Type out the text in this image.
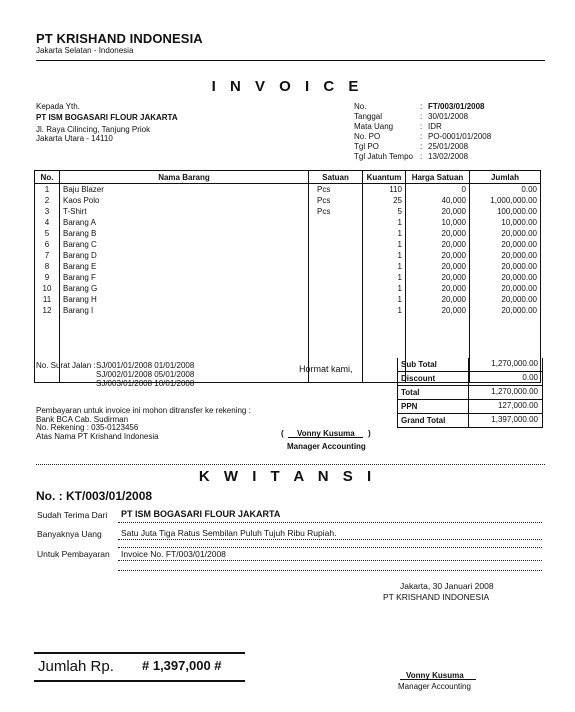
PT KRISHAND INDONESIA
Jakarta Selatan - Indonesia
I N V O I C E
Kepada Yth.
PT ISM BOGASARI FLOUR JAKARTA
Jl. Raya Cilincing, Tanjung Priok
Jakarta Utara - 14110
No.	: FT/003/01/2008
Tanggal	: 30/01/2008
Mata Uang	: IDR
No. PO	: PO-0001/01/2008
Tgl PO	: 25/01/2008
Tgl Jatuh Tempo : 13/02/2008
No.	Nama Barang	Satuan	Kuantum	Harga Satuan	Jumlah
1	Baju Blazer	Pcs	110	0	0.00
2	Kaos Polo	Pcs	25	40,000	1,000,000.00
3	T-Shirt	Pcs	5	20,000	100,000.00
4	Barang A		1	10,000	10,000.00
5	Barang B		1	20,000	20,000.00
6	Barang C		1	20,000	20,000.00
7	Barang D		1	20,000	20,000.00
8	Barang E		1	20,000	20,000.00
9	Barang F		1	20,000	20,000.00
10	Barang G		1	20,000	20,000.00
11	Barang H		1	20,000	20,000.00
12	Barang I		1	20,000	20,000.00

No. Surat Jalan : SJ/001/01/2008 01/01/2008
SJ/002/01/2008 05/01/2008
SJ/003/01/2008 10/01/2008
Hormat kami,	Sub Total	1,270,000.00
Discount	0.00
Total	1,270,000.00
PPN	127,000.00
Grand Total	1,397,000.00
Pembayaran untuk invoice ini mohon ditransfer ke rekening :
Bank BCA Cab. Sudirman
No. Rekening : 035-0123456
Atas Nama PT Krishand Indonesia	(      Vonny Kusuma      )
Manager Accounting
K W I T A N S I
No. : KT/003/01/2008
Sudah Terima Dari PT ISM BOGASARI FLOUR JAKARTA
Banyaknya Uang Satu Juta Tiga Ratus Sembilan Puluh Tujuh Ribu Rupiah.
Untuk Pembayaran Invoice No. FT/003/01/2008
Jakarta, 30 Januari 2008
PT KRISHAND INDONESIA
Jumlah Rp. # 1,397,000 #
Vonny Kusuma
Manager Accounting
